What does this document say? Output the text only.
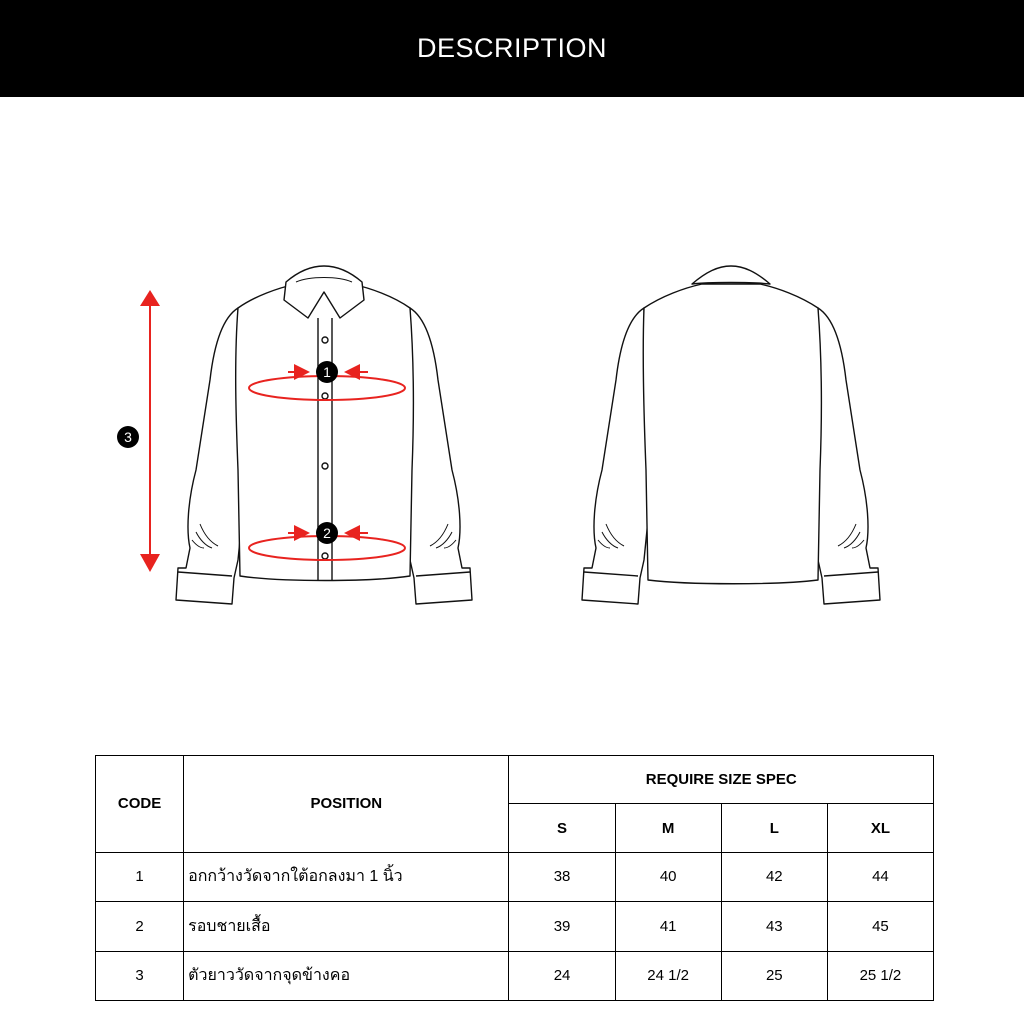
DESCRIPTION
1
2
3
CODE	POSITION	REQUIRE SIZE SPEC			
		S	M	L	XL
1	อกกว้างวัดจากใต้อกลงมา 1 นิ้ว	38	40	42	44
2	รอบชายเสื้อ	39	41	43	45
3	ตัวยาววัดจากจุดข้างคอ	24	24 1/2	25	25 1/2
